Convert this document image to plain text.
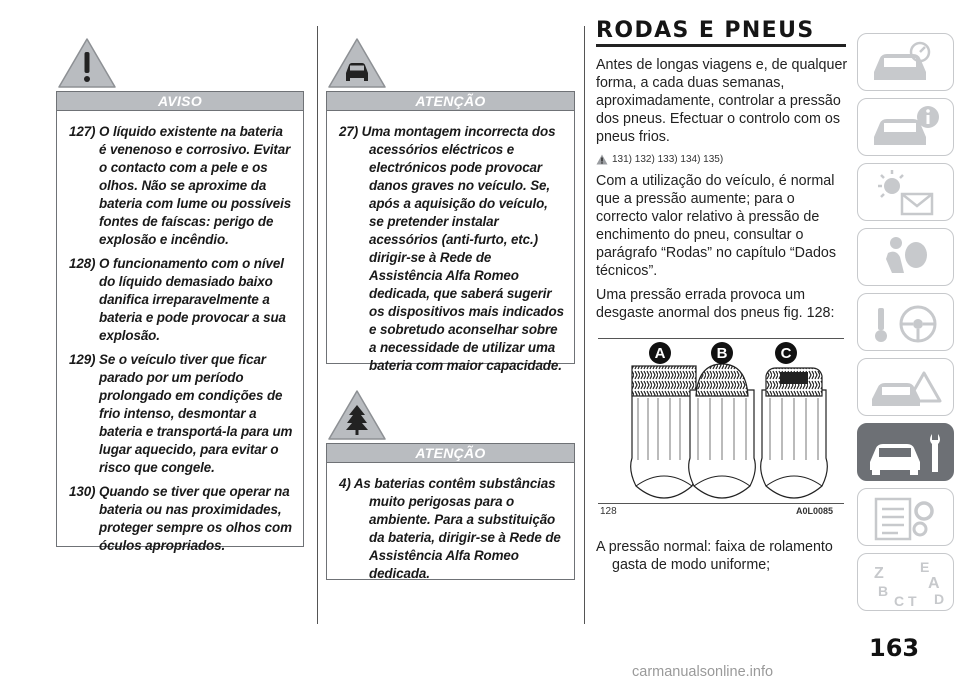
AVISO
127) O líquido existente na bateria é venenoso e corrosivo. Evitar o contacto com a pele e os olhos. Não se aproxime da bateria com lume ou possíveis fontes de faíscas: perigo de explosão e incêndio.
128) O funcionamento com o nível do líquido demasiado baixo danifica irreparavelmente a bateria e pode provocar a sua explosão.
129) Se o veículo tiver que ficar parado por um período prolongado em condições de frio intenso, desmontar a bateria e transportá-la para um lugar aquecido, para evitar o risco que congele.
130) Quando se tiver que operar na bateria ou nas proximidades, proteger sempre os olhos com óculos apropriados.
ATENÇÃO
27) Uma montagem incorrecta dos acessórios eléctricos e electrónicos pode provocar danos graves no veículo. Se, após a aquisição do veículo, se pretender instalar acessórios (anti-furto, etc.) dirigir-se à Rede de Assistência Alfa Romeo dedicada, que saberá sugerir os dispositivos mais indicados e sobretudo aconselhar sobre a necessidade de utilizar uma bateria com maior capacidade.
ATENÇÃO
4) As baterias contêm substâncias muito perigosas para o ambiente. Para a substituição da bateria, dirigir-se à Rede de Assistência Alfa Romeo dedicada.
RODAS E PNEUS
Antes de longas viagens e, de qualquer forma, a cada duas semanas, aproximadamente, controlar a pressão dos pneus. Efectuar o controlo com os pneus frios.
131) 132) 133) 134) 135)
Com a utilização do veículo, é normal que a pressão aumente; para o correcto valor relativo à pressão de enchimento do pneu, consultar o parágrafo “Rodas” no capítulo “Dados técnicos”.
Uma pressão errada provoca um desgaste anormal dos pneus fig. 128:
A	B	C
128	A0L0085
A pressão normal: faixa de rolamento gasta de modo uniforme;	Z	E
A
B
C T D
163
carmanualsonline.info
